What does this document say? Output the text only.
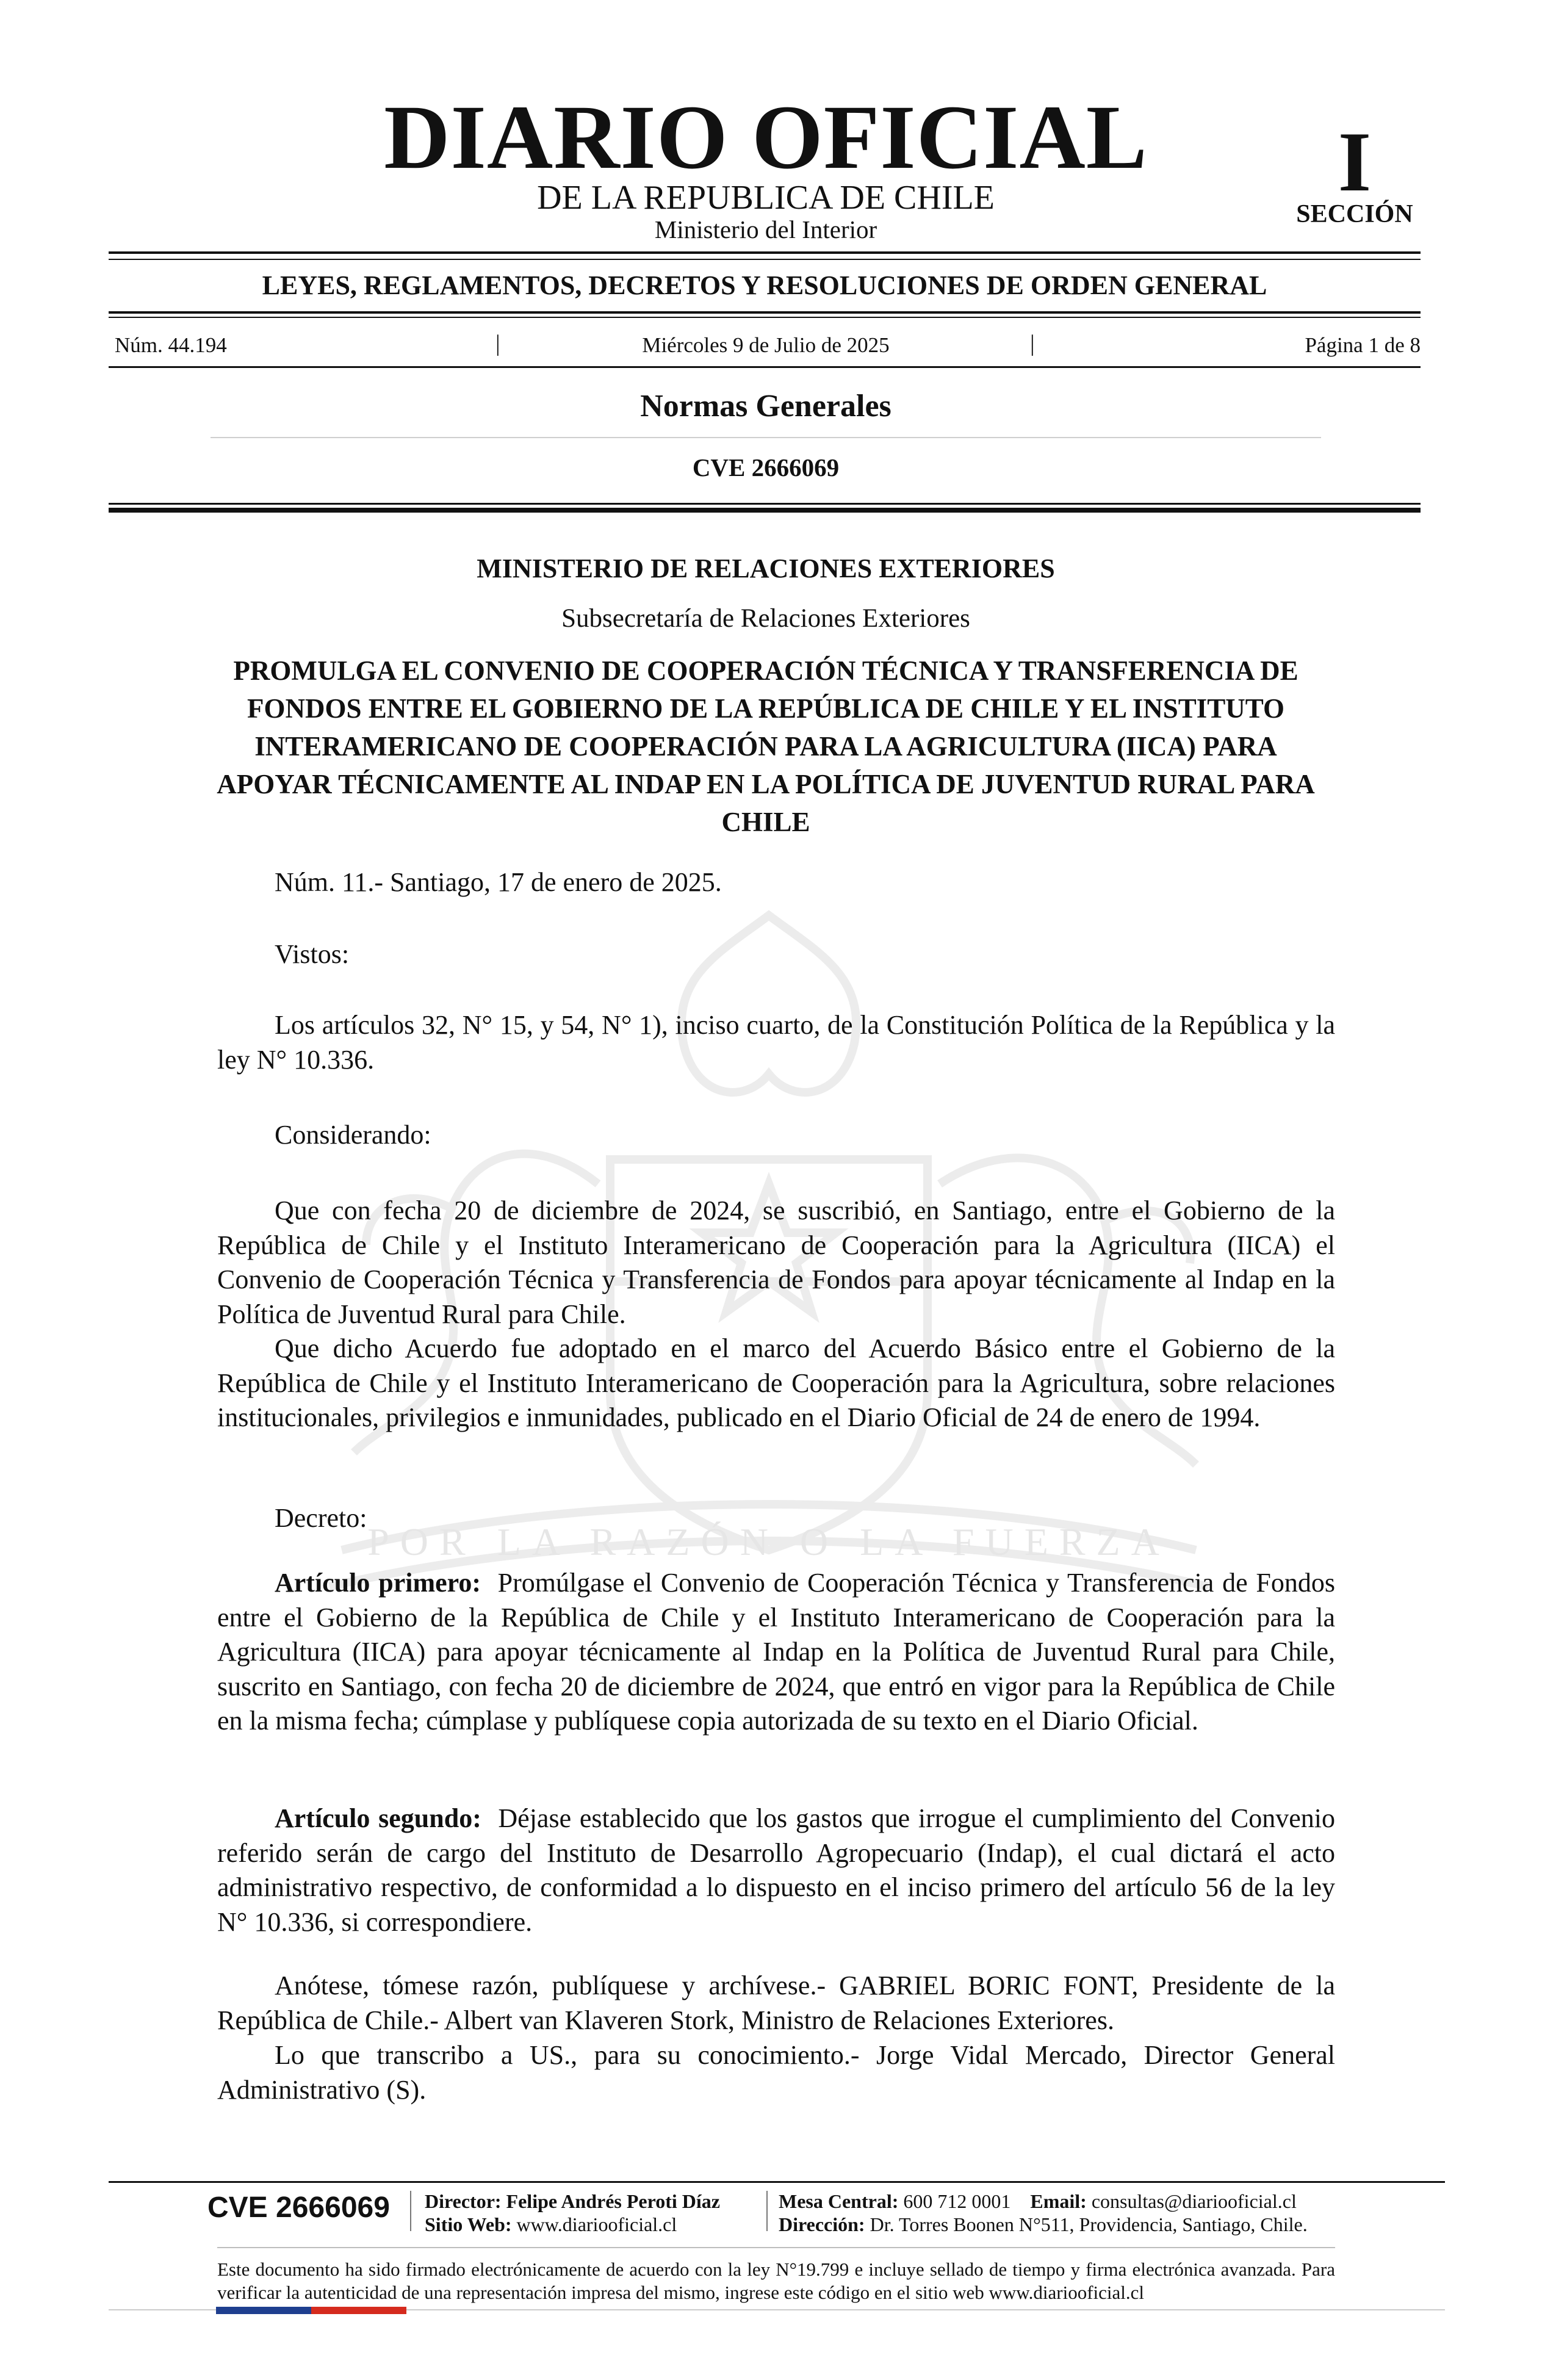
POR LA RAZÓN O LA FUERZA
DIARIO OFICIAL
DE LA REPUBLICA DE CHILE
Ministerio del Interior
I
SECCIÓN
LEYES, REGLAMENTOS, DECRETOS Y RESOLUCIONES DE ORDEN GENERAL
Núm. 44.194	|	Miércoles 9 de Julio de 2025	|	Página 1 de 8
Normas Generales
CVE 2666069
MINISTERIO DE RELACIONES EXTERIORES
Subsecretaría de Relaciones Exteriores
PROMULGA EL CONVENIO DE COOPERACIÓN TÉCNICA Y TRANSFERENCIA DE FONDOS ENTRE EL GOBIERNO DE LA REPÚBLICA DE CHILE Y EL INSTITUTO INTERAMERICANO DE COOPERACIÓN PARA LA AGRICULTURA (IICA) PARA APOYAR TÉCNICAMENTE AL INDAP EN LA POLÍTICA DE JUVENTUD RURAL PARA CHILE
Núm. 11.- Santiago, 17 de enero de 2025.
Vistos:
Los artículos 32, N° 15, y 54, N° 1), inciso cuarto, de la Constitución Política de la República y la ley N° 10.336.
Considerando:
Que con fecha 20 de diciembre de 2024, se suscribió, en Santiago, entre el Gobierno de la República de Chile y el Instituto Interamericano de Cooperación para la Agricultura (IICA) el Convenio de Cooperación Técnica y Transferencia de Fondos para apoyar técnicamente al Indap en la Política de Juventud Rural para Chile.
Que dicho Acuerdo fue adoptado en el marco del Acuerdo Básico entre el Gobierno de la República de Chile y el Instituto Interamericano de Cooperación para la Agricultura, sobre relaciones institucionales, privilegios e inmunidades, publicado en el Diario Oficial de 24 de enero de 1994.
Decreto:
Artículo primero: Promúlgase el Convenio de Cooperación Técnica y Transferencia de Fondos entre el Gobierno de la República de Chile y el Instituto Interamericano de Cooperación para la Agricultura (IICA) para apoyar técnicamente al Indap en la Política de Juventud Rural para Chile, suscrito en Santiago, con fecha 20 de diciembre de 2024, que entró en vigor para la República de Chile en la misma fecha; cúmplase y publíquese copia autorizada de su texto en el Diario Oficial.
Artículo segundo: Déjase establecido que los gastos que irrogue el cumplimiento del Convenio referido serán de cargo del Instituto de Desarrollo Agropecuario (Indap), el cual dictará el acto administrativo respectivo, de conformidad a lo dispuesto en el inciso primero del artículo 56 de la ley N° 10.336, si correspondiere.
Anótese, tómese razón, publíquese y archívese.- GABRIEL BORIC FONT, Presidente de la República de Chile.- Albert van Klaveren Stork, Ministro de Relaciones Exteriores.
Lo que transcribo a US., para su conocimiento.- Jorge Vidal Mercado, Director General Administrativo (S).
CVE 2666069 Director: Felipe Andrés Peroti Díaz
Sitio Web: www.diariooficial.cl
Mesa Central: 600 712 0001 Email: consultas@diariooficial.cl
Dirección: Dr. Torres Boonen N°511, Providencia, Santiago, Chile.
Este documento ha sido firmado electrónicamente de acuerdo con la ley N°19.799 e incluye sellado de tiempo y firma electrónica avanzada. Para verificar la autenticidad de una representación impresa del mismo, ingrese este código en el sitio web www.diariooficial.cl
